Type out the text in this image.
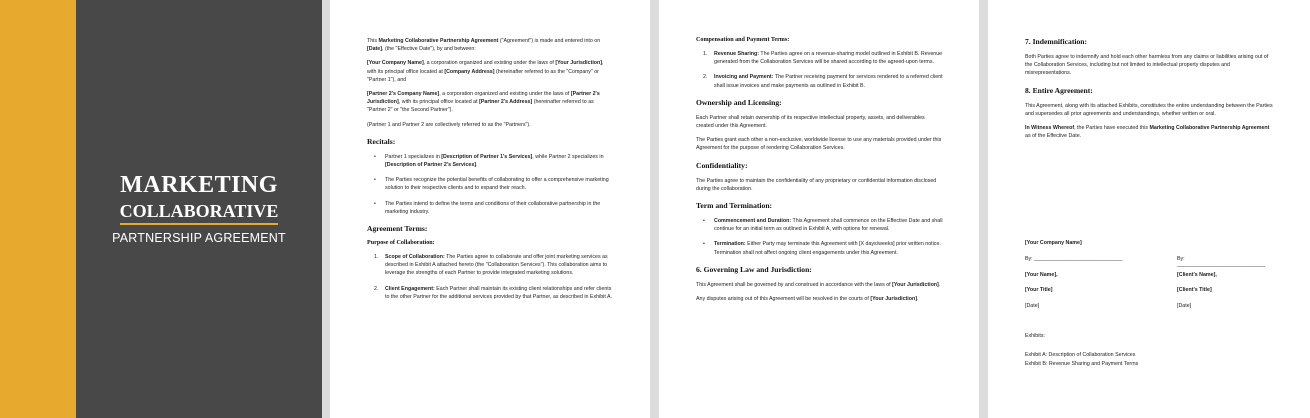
MARKETING
COLLABORATIVE
PARTNERSHIP AGREEMENT

This Marketing Collaborative Partnership Agreement ("Agreement") is made and entered into on [Date], (the "Effective Date"), by and between:

[Your Company Name], a corporation organized and existing under the laws of [Your Jurisdiction], with its principal office located at [Company Address] (hereinafter referred to as the "Company" or "Partner 1"), and

[Partner 2's Company Name], a corporation organized and existing under the laws of [Partner 2's Jurisdiction], with its principal office located at [Partner 2's Address] (hereinafter referred to as "Partner 2" or "the Second Partner").

(Partner 1 and Partner 2 are collectively referred to as the "Partners").

Recitals:
• Partner 1 specializes in [Description of Partner 1's Services], while Partner 2 specializes in [Description of Partner 2's Services].
• The Parties recognize the potential benefits of collaborating to offer a comprehensive marketing solution to their respective clients and to expand their reach.
• The Parties intend to define the terms and conditions of their collaborative partnership in the marketing industry.
Agreement Terms:
Purpose of Collaboration:
1. Scope of Collaboration: The Parties agree to collaborate and offer joint marketing services as described in Exhibit A attached hereto (the "Collaboration Services"). This collaboration aims to leverage the strengths of each Partner to provide integrated marketing solutions.
2. Client Engagement: Each Partner shall maintain its existing client relationships and refer clients to the other Partner for the additional services provided by that Partner, as described in Exhibit A.
Compensation and Payment Terms:
1. Revenue Sharing: The Parties agree on a revenue-sharing model outlined in Exhibit B. Revenue generated from the Collaboration Services will be shared according to the agreed-upon terms.
2. Invoicing and Payment: The Partner receiving payment for services rendered to a referred client shall issue invoices and make payments as outlined in Exhibit B.
Ownership and Licensing:

Each Partner shall retain ownership of its respective intellectual property, assets, and deliverables created under this Agreement.

The Parties grant each other a non-exclusive, worldwide license to use any materials provided under this Agreement for the purpose of rendering Collaboration Services.

Confidentiality:

The Parties agree to maintain the confidentiality of any proprietary or confidential information disclosed during the collaboration.

Term and Termination:
• Commencement and Duration: This Agreement shall commence on the Effective Date and shall continue for an initial term as outlined in Exhibit A, with options for renewal.
• Termination: Either Party may terminate this Agreement with [X days/weeks] prior written notice. Termination shall not affect ongoing client engagements under this Agreement.
6. Governing Law and Jurisdiction:

This Agreement shall be governed by and construed in accordance with the laws of [Your Jurisdiction].

Any disputes arising out of this Agreement will be resolved in the courts of [Your Jurisdiction].

7. Indemnification:

Both Parties agree to indemnify and hold each other harmless from any claims or liabilities arising out of the Collaboration Services, including but not limited to intellectual property disputes and misrepresentations.

8. Entire Agreement:

This Agreement, along with its attached Exhibits, constitutes the entire understanding between the Parties and supersedes all prior agreements and understandings, whether written or oral.

In Witness Whereof, the Parties have executed this Marketing Collaborative Partnership Agreement as of the Effective Date.

[Your Company Name]
By: ______________________________	By: ______________________________
[Your Name],	[Client's Name],
[Your Title]	[Client's Title]
[Date]	[Date]
Exhibits:
Exhibit A: Description of Collaboration Services
Exhibit B: Revenue Sharing and Payment Terms
